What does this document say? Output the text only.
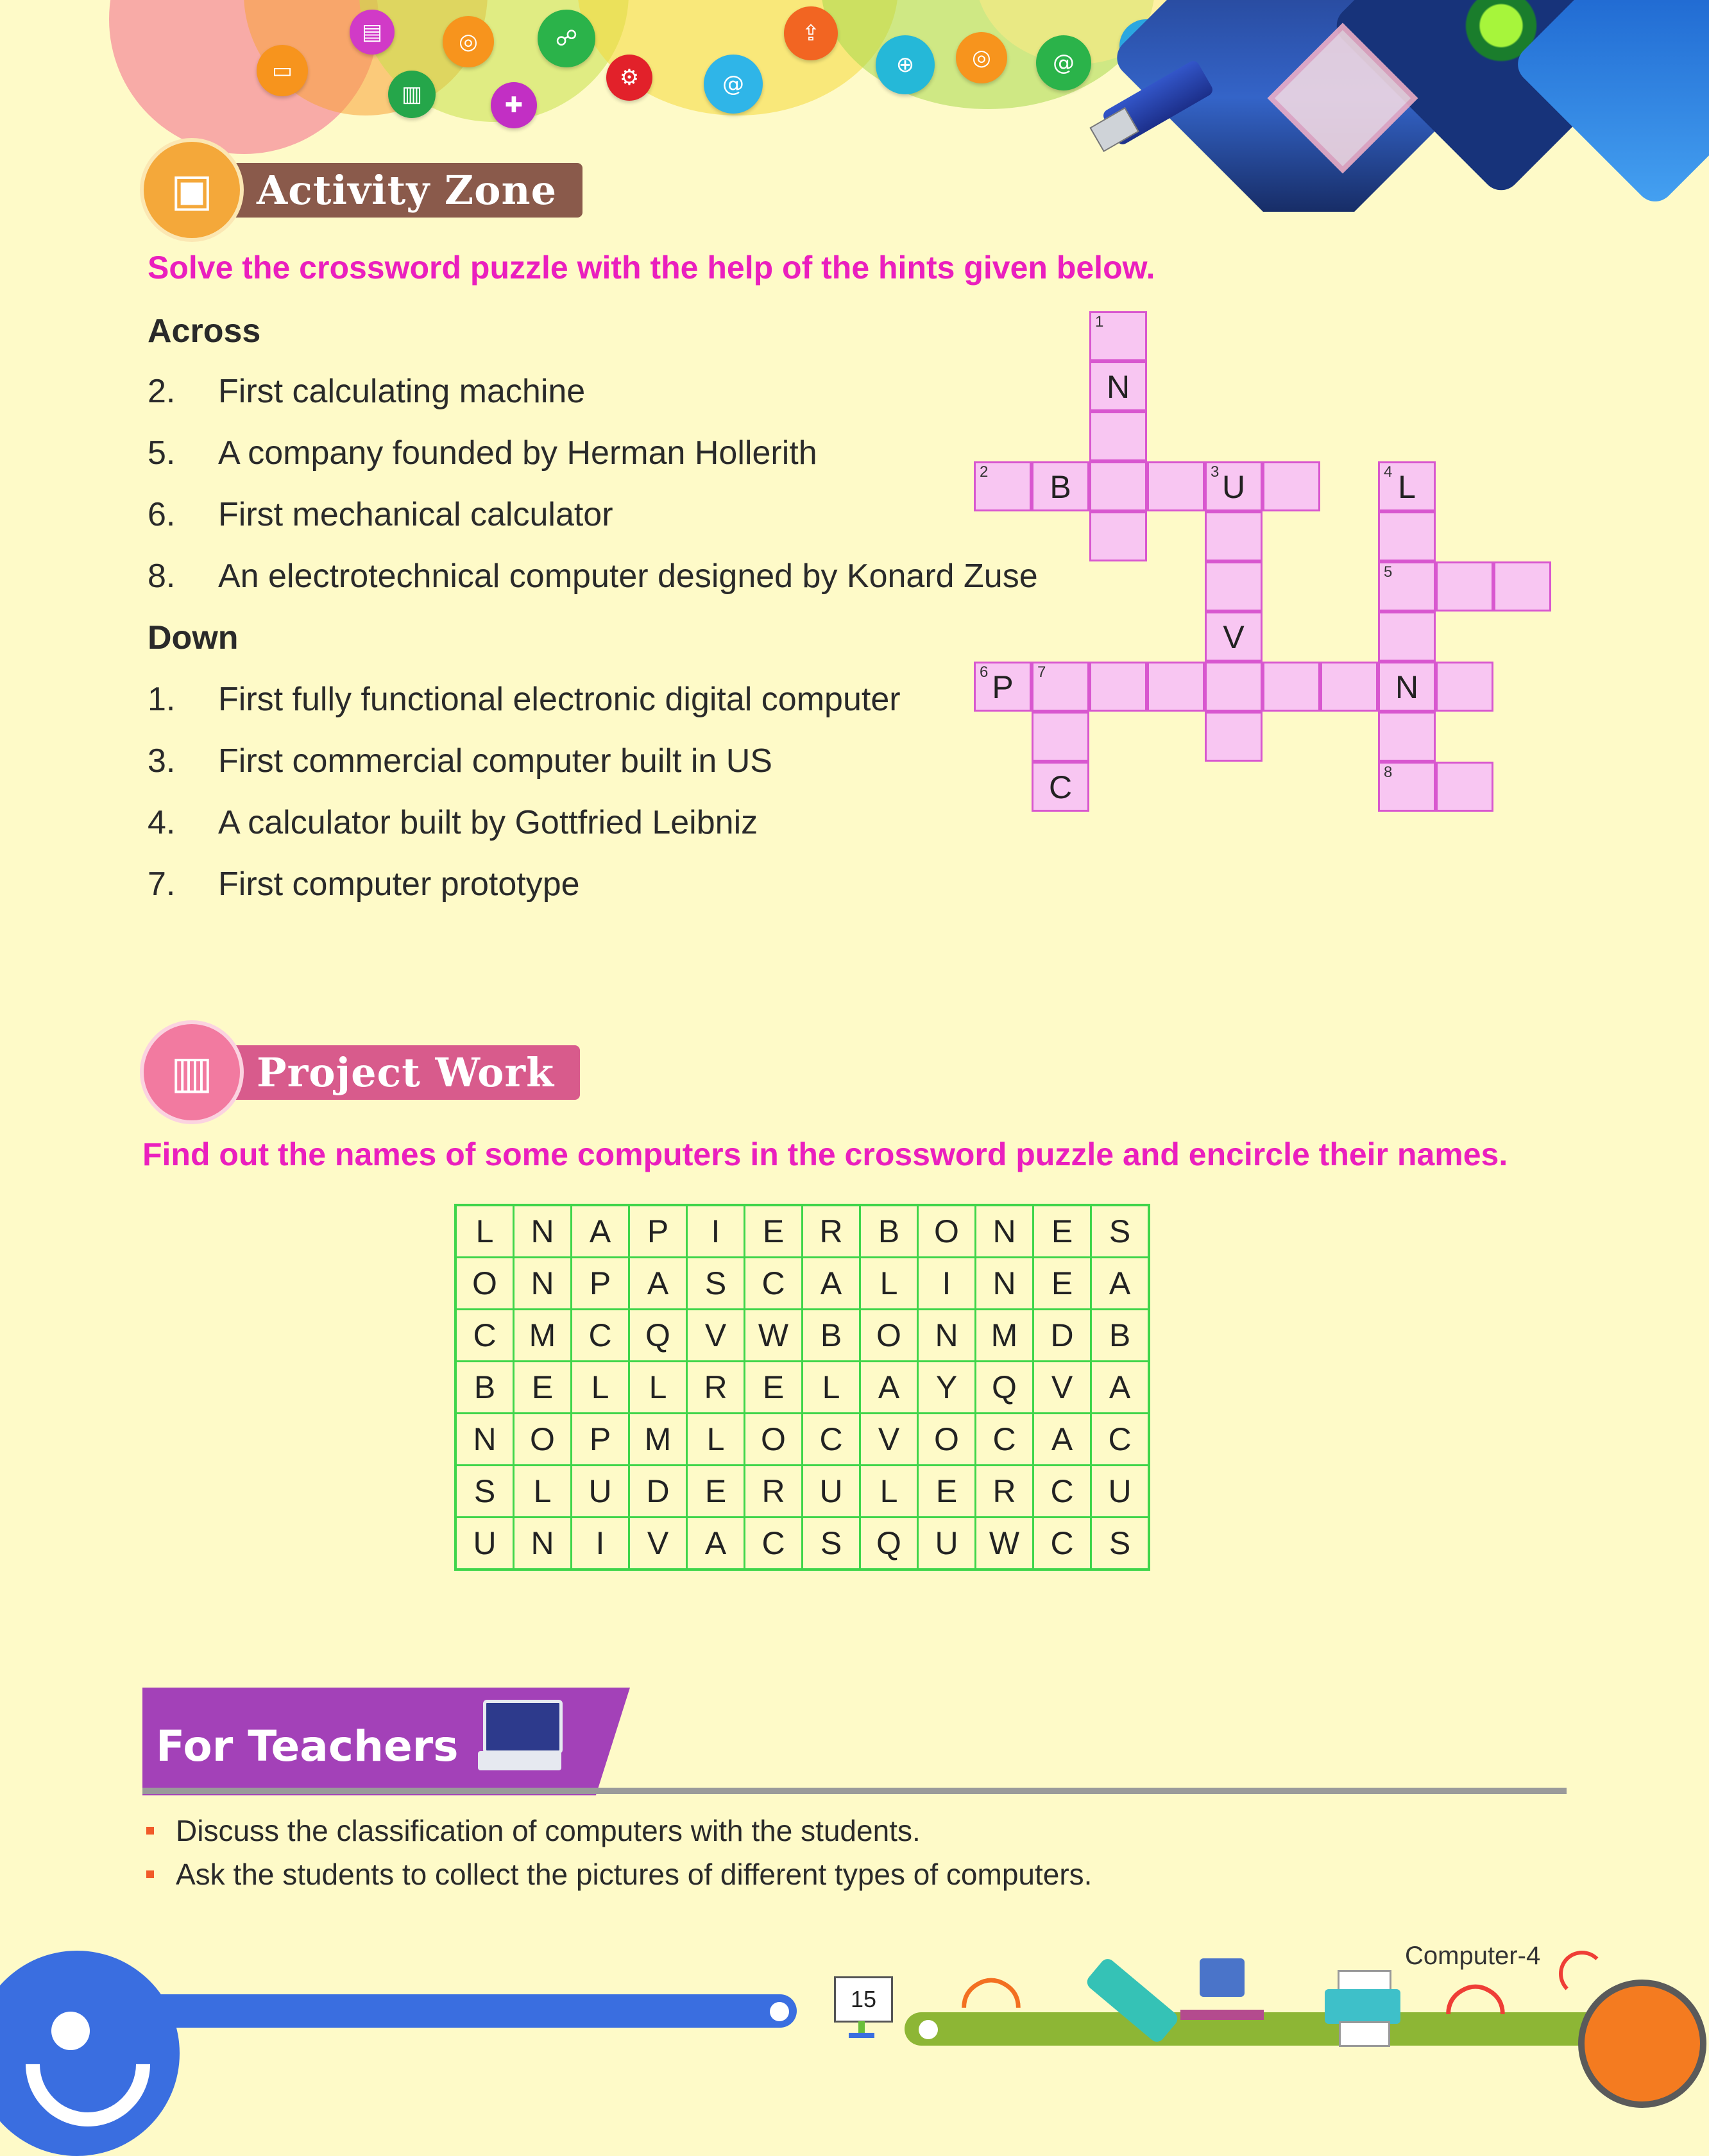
▭
▤
▥
◎
✚
☍
⚙	@
⇪
⊕	◎	@
▣	Activity Zone
Solve the crossword puzzle with the help of the hints given below.
Across
2. First calculating machine
5. A company founded by Herman Hollerith
6. First mechanical calculator
8. An electrotechnical computer designed by Konard Zuse
Down
1. First fully functional electronic digital computer
3. First commercial computer built in US
4. A calculator built by Gottfried Leibniz
7. First computer prototype
1
N
2	B	3 U	4 L
5
V
6 P	7	N
C	8
▥	Project Work
Find out the names of some computers in the crossword puzzle and encircle their names.
L	N	A	P	I	E	R	B	O	N	E	S
O	N	P	A	S	C	A	L	I	N	E	A
C	M	C	Q	V	W	B	O	N	M	D	B
B	E	L	L	R	E	L	A	Y	Q	V	A
N	O	P	M	L	O	C	V	O	C	A	C
S	L	U	D	E	R	U	L	E	R	C	U
U	N	I	V	A	C	S	Q	U	W	C	S
For Teachers
Discuss the classification of computers with the students.
Ask the students to collect the pictures of different types of computers.
15
Computer-4
◠	◠
